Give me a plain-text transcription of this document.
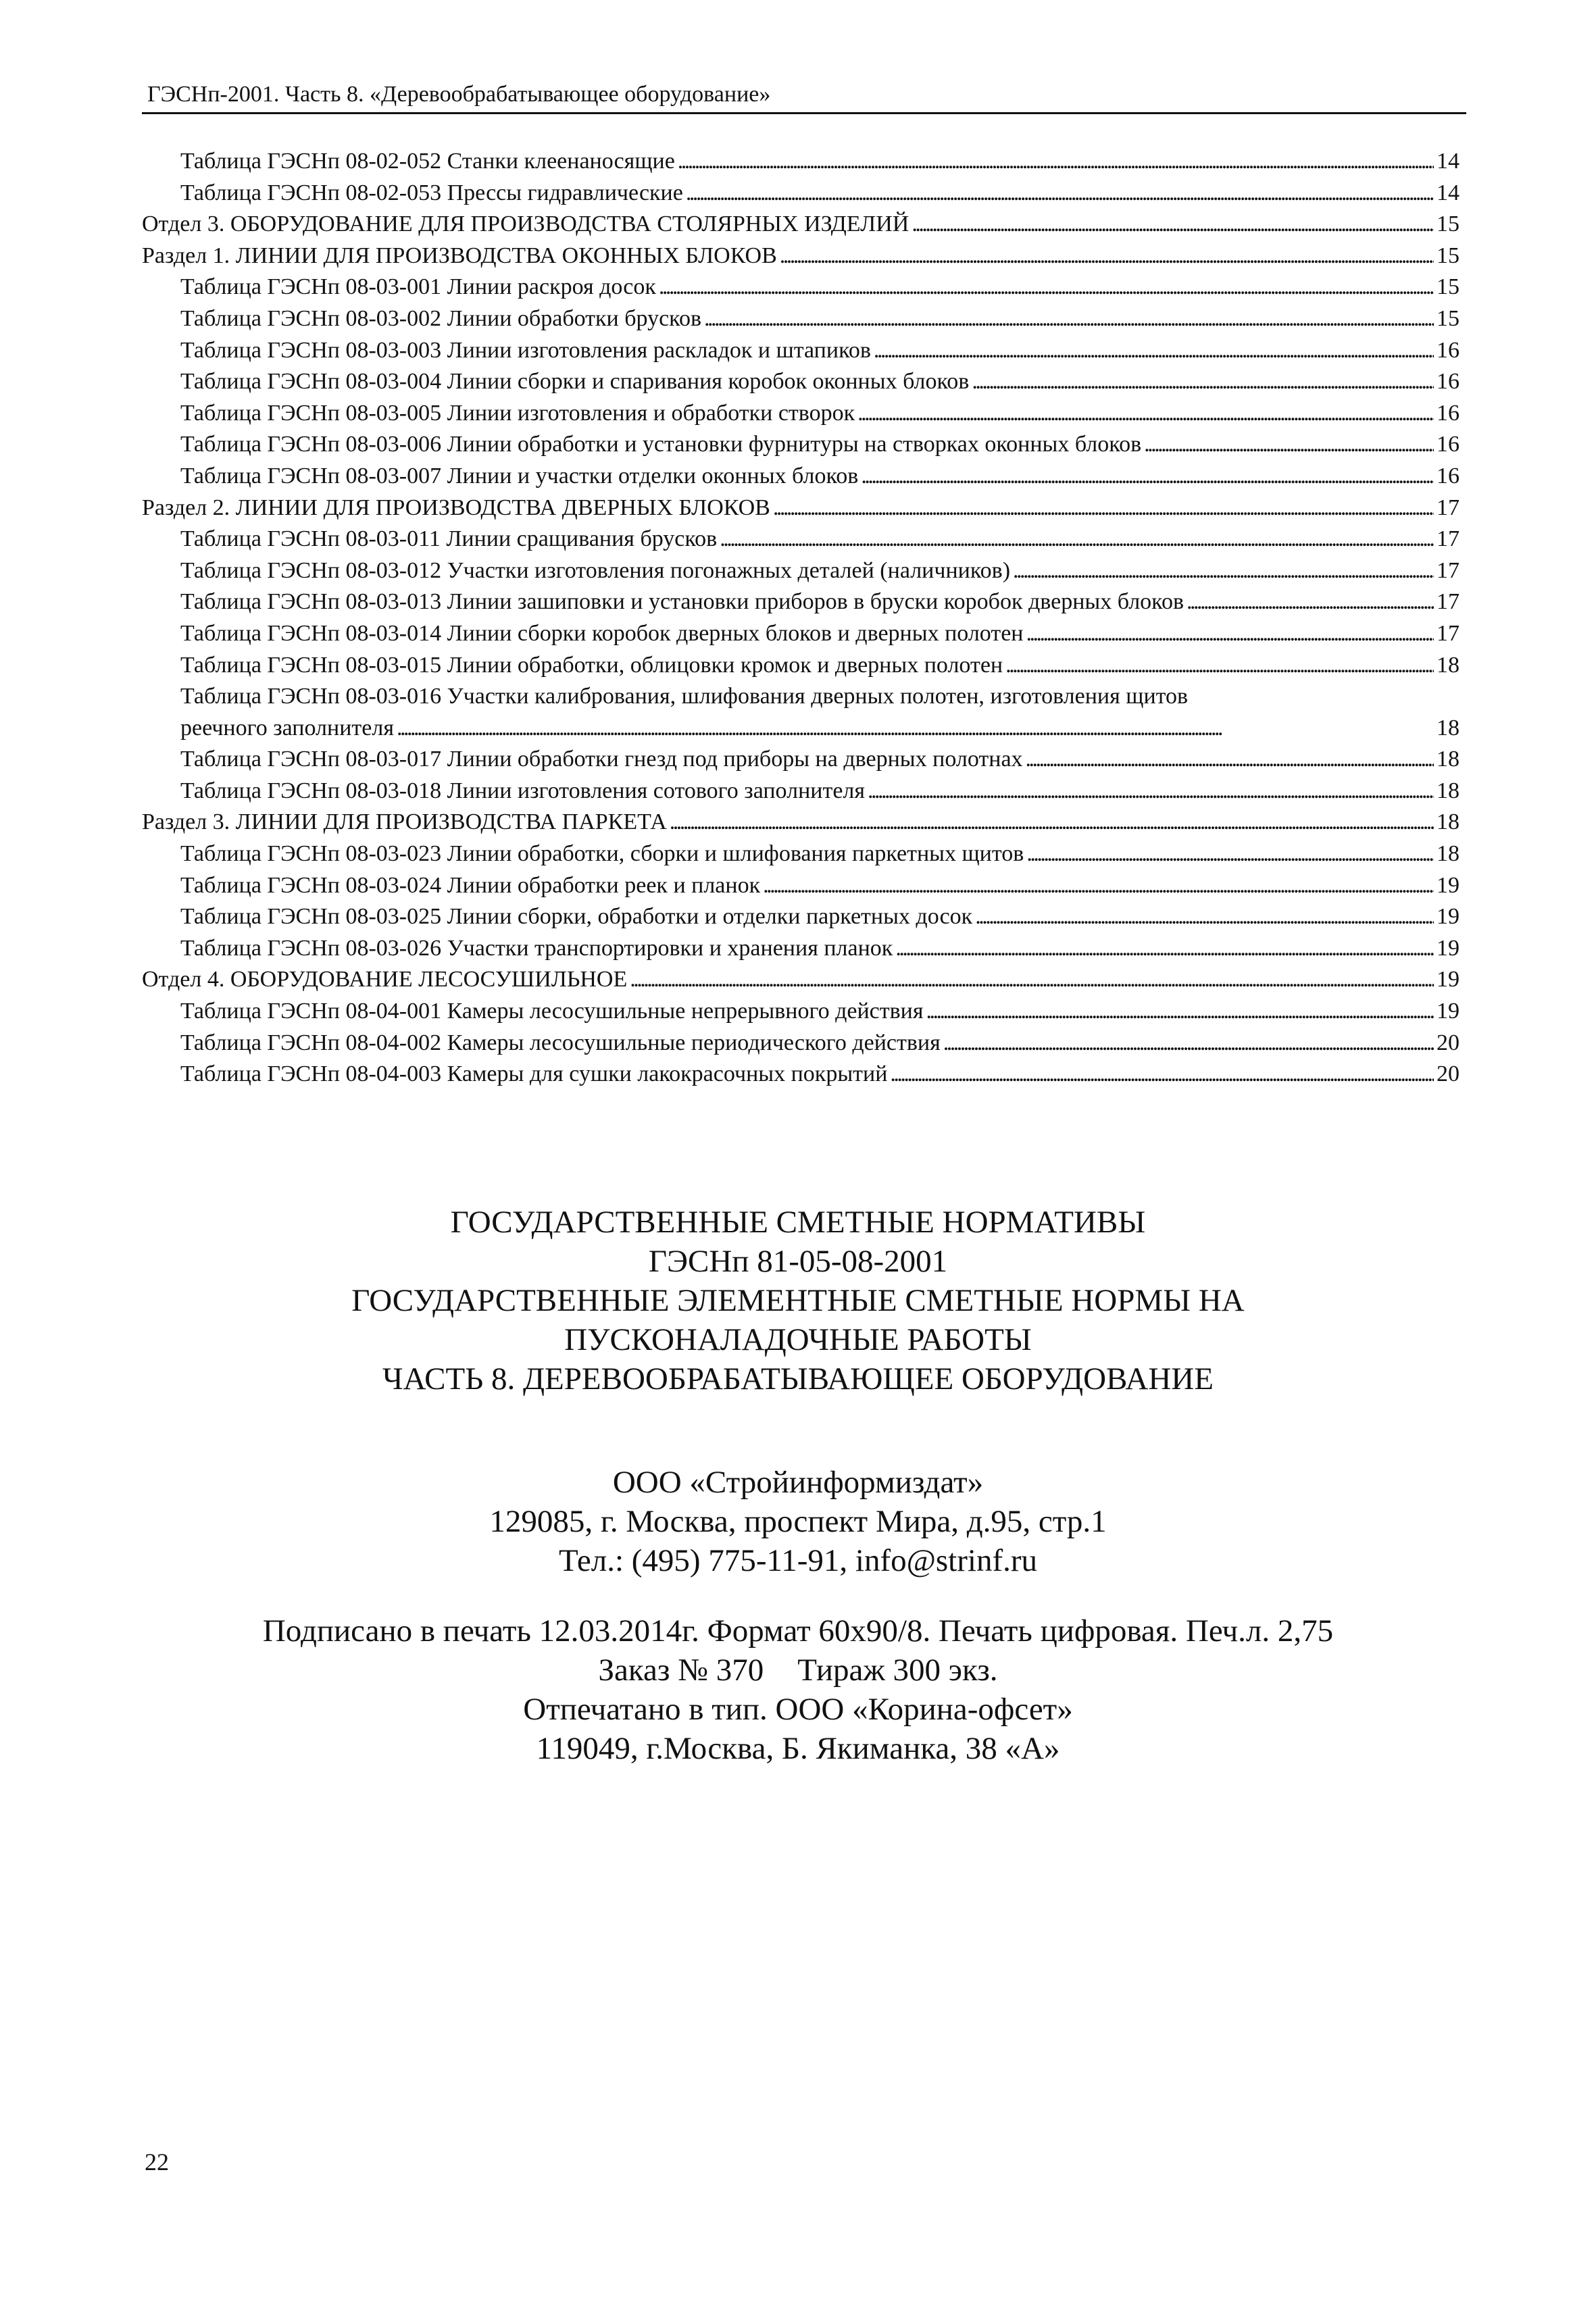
ГЭСНп-2001. Часть 8. «Деревообрабатывающее оборудование»
Таблица ГЭСНп 08-02-052 Станки клеенаносящие . . .	14
Таблица ГЭСНп 08-02-053 Прессы гидравлические . . .	14
Отдел 3. ОБОРУДОВАНИЕ ДЛЯ ПРОИЗВОДСТВА СТОЛЯРНЫХ ИЗДЕЛИЙ . . .	15
Раздел 1. ЛИНИИ ДЛЯ ПРОИЗВОДСТВА ОКОННЫХ БЛОКОВ . . .	15
Таблица ГЭСНп 08-03-001 Линии раскроя досок . . .	15
Таблица ГЭСНп 08-03-002 Линии обработки брусков . . .	15
Таблица ГЭСНп 08-03-003 Линии изготовления раскладок и штапиков . . .	16
Таблица ГЭСНп 08-03-004 Линии сборки и спаривания коробок оконных блоков . . .	16
Таблица ГЭСНп 08-03-005 Линии изготовления и обработки створок . . .	16
Таблица ГЭСНп 08-03-006 Линии обработки и установки фурнитуры на створках оконных блоков . . .	16
Таблица ГЭСНп 08-03-007 Линии и участки отделки оконных блоков . . .	16
Раздел 2. ЛИНИИ ДЛЯ ПРОИЗВОДСТВА ДВЕРНЫХ БЛОКОВ . . .	17
Таблица ГЭСНп 08-03-011 Линии сращивания брусков . . .	17
Таблица ГЭСНп 08-03-012 Участки изготовления погонажных деталей (наличников) . . .	17
Таблица ГЭСНп 08-03-013 Линии зашиповки и установки приборов в бруски коробок дверных блоков . . .	17
Таблица ГЭСНп 08-03-014 Линии сборки коробок дверных блоков и дверных полотен . . .	17
Таблица ГЭСНп 08-03-015 Линии обработки, облицовки кромок и дверных полотен . . .	18
Таблица ГЭСНп 08-03-016 Участки калибрования, шлифования дверных полотен, изготовления щитов
реечного заполнителя . . .	18
Таблица ГЭСНп 08-03-017 Линии обработки гнезд под приборы на дверных полотнах . . .	18
Таблица ГЭСНп 08-03-018 Линии изготовления сотового заполнителя . . .	18
Раздел 3. ЛИНИИ ДЛЯ ПРОИЗВОДСТВА ПАРКЕТА . . .	18
Таблица ГЭСНп 08-03-023 Линии обработки, сборки и шлифования паркетных щитов . . .	18
Таблица ГЭСНп 08-03-024 Линии обработки реек и планок . . .	19
Таблица ГЭСНп 08-03-025 Линии сборки, обработки и отделки паркетных досок . . .	19
Таблица ГЭСНп 08-03-026 Участки транспортировки и хранения планок . . .	19
Отдел 4. ОБОРУДОВАНИЕ ЛЕСОСУШИЛЬНОЕ . . .	19
Таблица ГЭСНп 08-04-001 Камеры лесосушильные непрерывного действия . . .	19
Таблица ГЭСНп 08-04-002 Камеры лесосушильные периодического действия . . .	20
Таблица ГЭСНп 08-04-003 Камеры для сушки лакокрасочных покрытий . . .	20
ГОСУДАРСТВЕННЫЕ СМЕТНЫЕ НОРМАТИВЫ
ГЭСНп 81-05-08-2001
ГОСУДАРСТВЕННЫЕ ЭЛЕМЕНТНЫЕ СМЕТНЫЕ НОРМЫ НА
ПУСКОНАЛАДОЧНЫЕ РАБОТЫ
ЧАСТЬ 8. ДЕРЕВООБРАБАТЫВАЮЩЕЕ ОБОРУДОВАНИЕ
ООО «Стройинформиздат»
129085, г. Москва, проспект Мира, д.95, стр.1
Тел.: (495) 775-11-91, info@strinf.ru
Подписано в печать 12.03.2014г. Формат 60х90/8. Печать цифровая. Печ.л. 2,75
Заказ № 370 Тираж 300 экз.
Отпечатано в тип. ООО «Корина-офсет»
119049, г.Москва, Б. Якиманка, 38 «А»
22
